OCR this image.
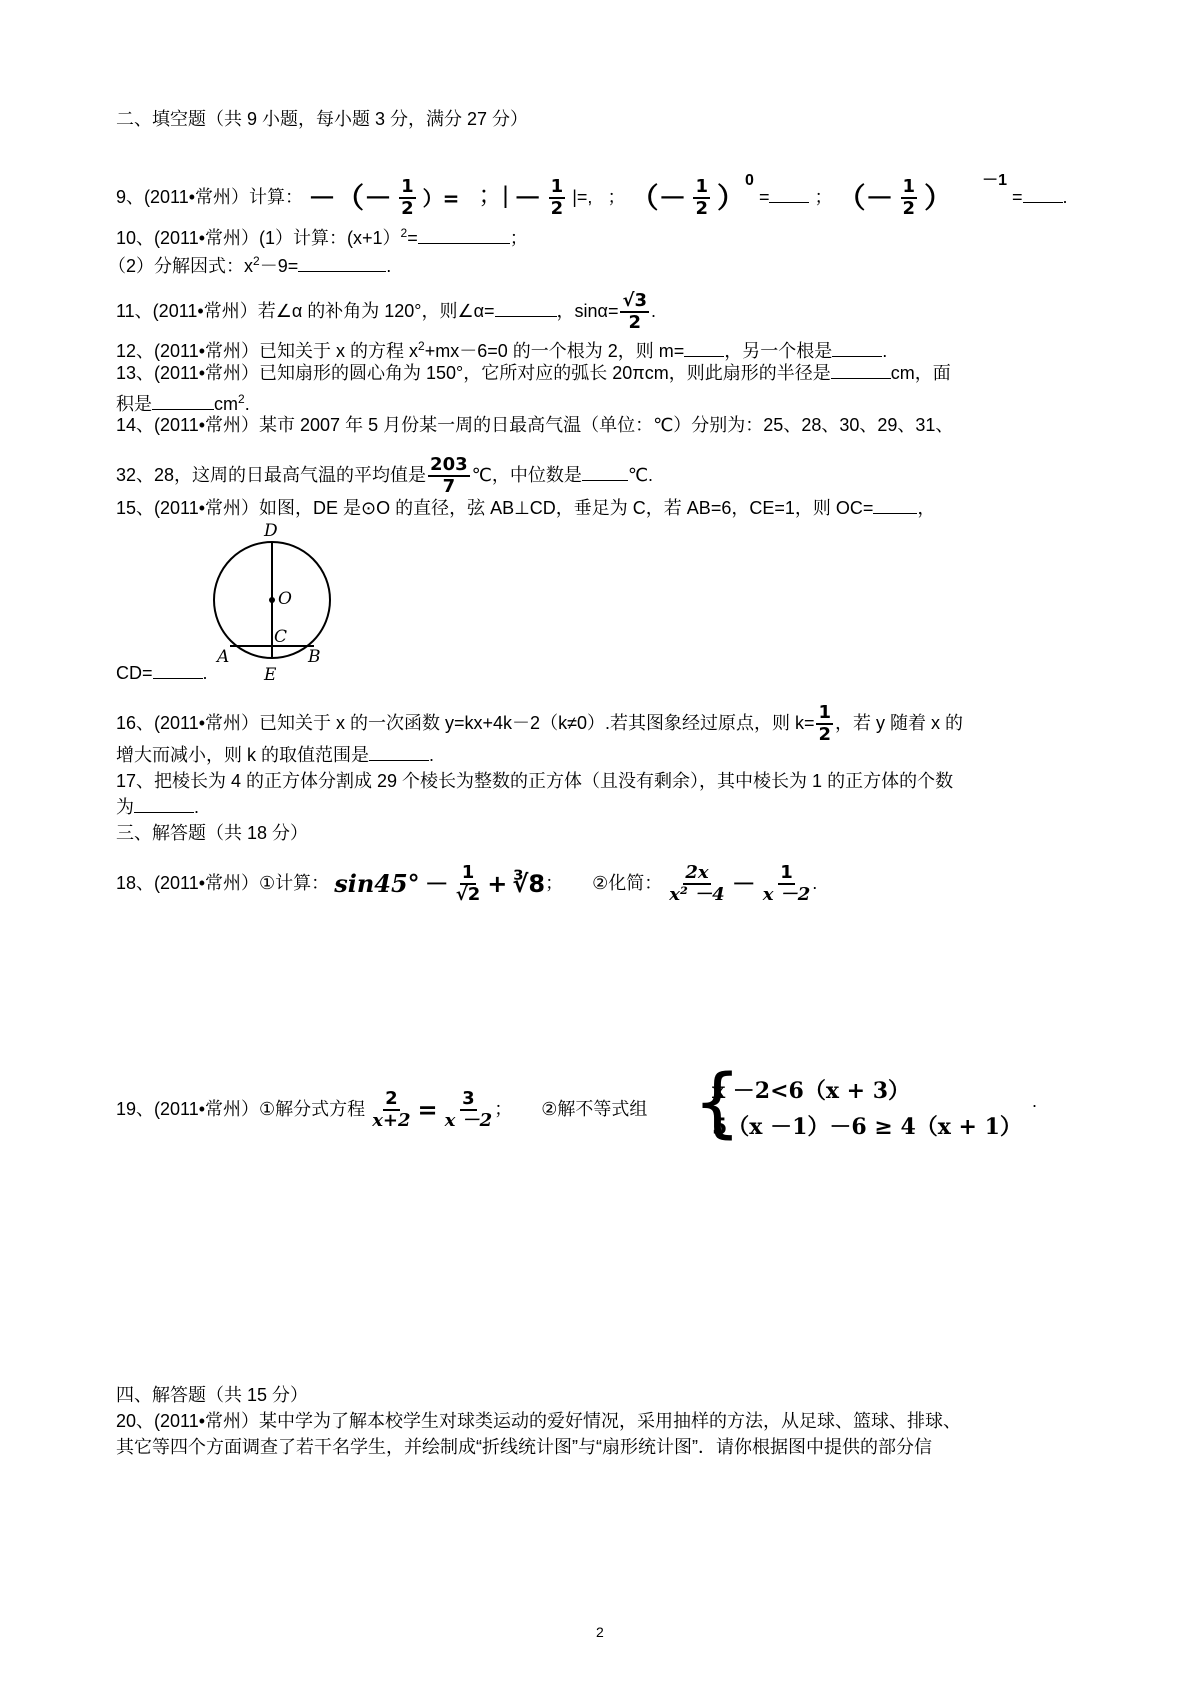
二、填空题（共 9 小题，每小题 3 分，满分 27 分）
9、(2011•常州）计算： －（－ $\frac{1}{2}$ ）= ；| － $\frac{1}{2}$ |=, ； （－ $\frac{1}{2} )^0$ =	； （－ $\frac{1}{2} )^{-1}$ = .
10、(2011•常州）(1）计算：(x+1）$^2$=	；
（2）分解因式：$x^2-9=$	.
11、(2011•常州）若∠α 的补角为 120°，则∠α=	，$\sin\alpha= \frac{√3}{2}$ .
12、(2011•常州）已知关于 x 的方程 $x^2+mx-6=0$ 的一个根为 2，则 m= ，另一个根是	.
13、(2011•常州）已知扇形的圆心角为 150°，它所对应的弧长 20πcm，则此扇形的半径是	cm，面
积是	$cm^2$.
14、(2011•常州）某市 2007 年 5 月份某一周的日最高气温（单位：℃）分别为：25、28、30、29、31、
32、28，这周的日最高气温的平均值是 $\frac{203}{7}$ ℃，中位数是	℃.
15、(2011•常州）如图，DE 是⊙O 的直径，弦 AB⊥CD，垂足为 C，若 AB=6，CE=1，则 OC= ，
D
O
C
A	B
E
CD=	.
16、(2011•常州）已知关于 x 的一次函数 y=kx+4k－2（k≠0）.若其图象经过原点，则 $k= \frac{1}{2}$ ，若 y 随着 x 的
增大而减小，则 k 的取值范围是	.
17、把棱长为 4 的正方体分割成 29 个棱长为整数的正方体（且没有剩余），其中棱长为 1 的正方体的个数
为	.
三、解答题（共 18 分）
18、(2011•常州）①计算： $\sin 45^\circ - \frac{1}{√2}$ + ∛8； ②化简： $\frac{2x}{\text{x² －4}} - \frac{1}{x -2}$ .
19、(2011•常州）①解分式方程 $\frac{2}{x+2} = \frac{3}{x -2}$ ； ②解不等式组 {
x －2<6（x + 3）
5（x －1）－6 ≥ 4（x + 1）
.
四、解答题（共 15 分）
20、(2011•常州）某中学为了解本校学生对球类运动的爱好情况，采用抽样的方法，从足球、篮球、排球、
其它等四个方面调查了若干名学生，并绘制成“折线统计图”与“扇形统计图”．请你根据图中提供的部分信
2
